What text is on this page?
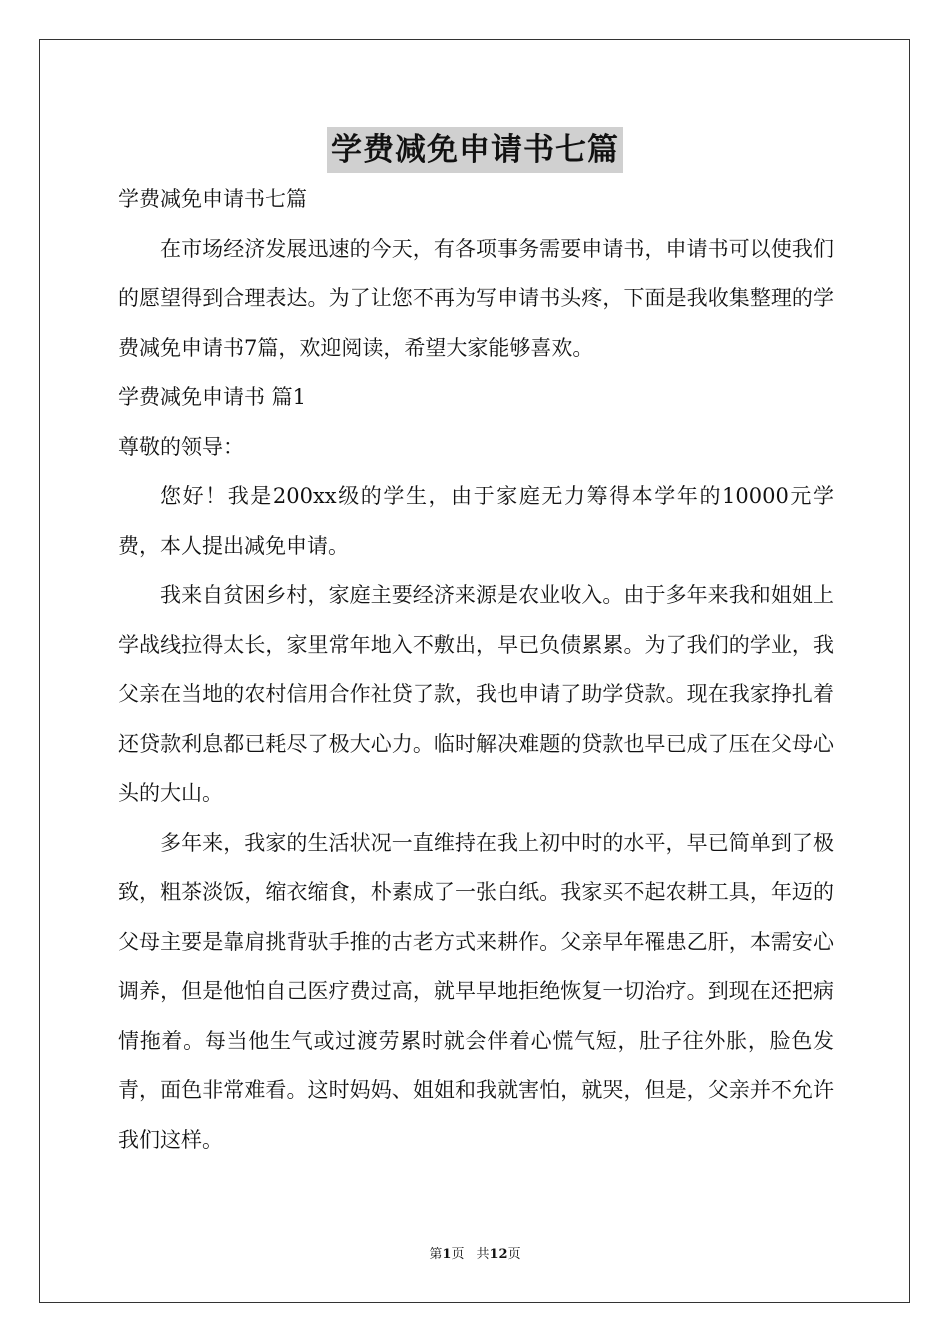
学费减免申请书七篇

学费减免申请书七篇

在市场经济发展迅速的今天，有各项事务需要申请书，申请书可以使我们的愿望得到合理表达。为了让您不再为写申请书头疼，下面是我收集整理的学费减免申请书7篇，欢迎阅读，希望大家能够喜欢。

学费减免申请书 篇1

尊敬的领导：

您好！我是200xx级的学生，由于家庭无力筹得本学年的10000元学费，本人提出减免申请。

我来自贫困乡村，家庭主要经济来源是农业收入。由于多年来我和姐姐上学战线拉得太长，家里常年地入不敷出，早已负债累累。为了我们的学业，我父亲在当地的农村信用合作社贷了款，我也申请了助学贷款。现在我家挣扎着还贷款利息都已耗尽了极大心力。临时解决难题的贷款也早已成了压在父母心头的大山。

多年来，我家的生活状况一直维持在我上初中时的水平，早已简单到了极致，粗茶淡饭，缩衣缩食，朴素成了一张白纸。我家买不起农耕工具，年迈的父母主要是靠肩挑背驮手推的古老方式来耕作。父亲早年罹患乙肝，本需安心调养，但是他怕自己医疗费过高，就早早地拒绝恢复一切治疗。到现在还把病情拖着。每当他生气或过渡劳累时就会伴着心慌气短，肚子往外胀，脸色发青，面色非常难看。这时妈妈、姐姐和我就害怕，就哭，但是，父亲并不允许我们这样。

第1页 共12页
